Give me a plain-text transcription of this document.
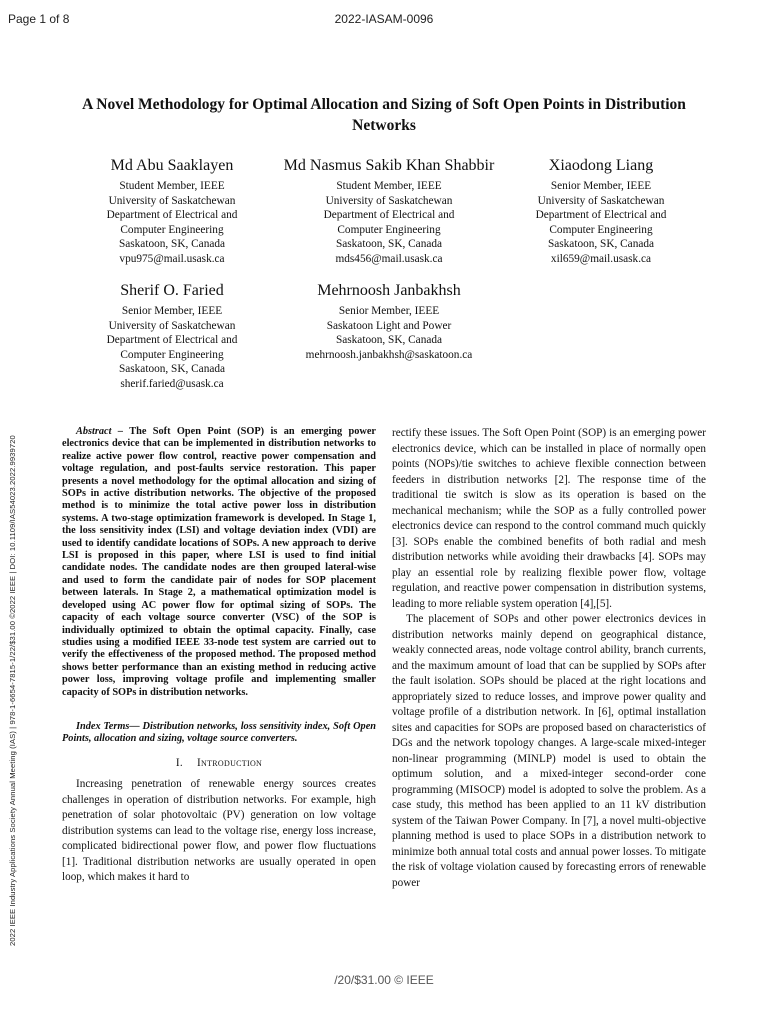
Page 1 of 8	2022-IASAM-0096
2022 IEEE Industry Applications Society Annual Meeting (IAS) | 978-1-6654-7815-1/22/$31.00 ©2022 IEEE | DOI: 10.1109/IAS54023.2022.9939720
A Novel Methodology for Optimal Allocation and Sizing of Soft Open Points in Distribution Networks
Md Abu Saaklayen
Student Member, IEEE
University of Saskatchewan
Department of Electrical and
Computer Engineering
Saskatoon, SK, Canada
vpu975@mail.usask.ca
Md Nasmus Sakib Khan Shabbir
Student Member, IEEE
University of Saskatchewan
Department of Electrical and
Computer Engineering
Saskatoon, SK, Canada
mds456@mail.usask.ca
Xiaodong Liang
Senior Member, IEEE
University of Saskatchewan
Department of Electrical and
Computer Engineering
Saskatoon, SK, Canada
xil659@mail.usask.ca
Sherif O. Faried
Senior Member, IEEE
University of Saskatchewan
Department of Electrical and
Computer Engineering
Saskatoon, SK, Canada
sherif.faried@usask.ca
Mehrnoosh Janbakhsh
Senior Member, IEEE
Saskatoon Light and Power
Saskatoon, SK, Canada
mehrnoosh.janbakhsh@saskatoon.ca

Abstract – The Soft Open Point (SOP) is an emerging power electronics device that can be implemented in distribution networks to realize active power flow control, reactive power compensation and voltage regulation, and post-faults service restoration. This paper presents a novel methodology for the optimal allocation and sizing of SOPs in active distribution networks. The objective of the proposed method is to minimize the total active power loss in distribution systems. A two-stage optimization framework is developed. In Stage 1, the loss sensitivity index (LSI) and voltage deviation index (VDI) are used to identify candidate locations of SOPs. A new approach to derive LSI is proposed in this paper, where LSI is used to find initial candidate nodes. The candidate nodes are then grouped lateral-wise and used to form the candidate pair of nodes for SOP placement between laterals. In Stage 2, a mathematical optimization model is developed using AC power flow for optimal sizing of SOPs. The capacity of each voltage source converter (VSC) of the SOP is individually optimized to obtain the optimal capacity. Finally, case studies using a modified IEEE 33-node test system are carried out to verify the effectiveness of the proposed method. The proposed method shows better performance than an existing method in reducing active power loss, improving voltage profile and implementing smaller capacity of SOPs in distribution networks.

Index Terms— Distribution networks, loss sensitivity index, Soft Open Points, allocation and sizing, voltage source converters.

I. Introduction

Increasing penetration of renewable energy sources creates challenges in operation of distribution networks. For example, high penetration of solar photovoltaic (PV) generation on low voltage distribution systems can lead to the voltage rise, energy loss increase, complicated bidirectional power flow, and power flow fluctuations [1]. Traditional distribution networks are usually operated in open loop, which makes it hard to

rectify these issues. The Soft Open Point (SOP) is an emerging power electronics device, which can be installed in place of normally open points (NOPs)/tie switches to achieve flexible connection between feeders in distribution networks [2]. The response time of the traditional tie switch is slow as its operation is based on the mechanical mechanism; while the SOP as a fully controlled power electronics device can respond to the control command much quickly [3]. SOPs enable the combined benefits of both radial and mesh distribution networks while avoiding their drawbacks [4]. SOPs may play an essential role by realizing flexible power flow, voltage regulation, and reactive power compensation in distribution systems, leading to more reliable system operation [4],[5].

The placement of SOPs and other power electronics devices in distribution networks mainly depend on geographical distance, weakly connected areas, node voltage control ability, branch currents, and the maximum amount of load that can be supplied by SOPs after the fault isolation. SOPs should be placed at the right locations and appropriately sized to reduce losses, and improve power quality and voltage profile of a distribution network. In [6], optimal installation sites and capacities for SOPs are proposed based on characteristics of DGs and the network topology changes. A large-scale mixed-integer non-linear programming (MINLP) model is used to obtain the optimum solution, and a mixed-integer second-order cone programming (MISOCP) model is adopted to solve the problem. As a case study, this method has been applied to an 11 kV distribution system of the Taiwan Power Company. In [7], a novel multi-objective planning method is used to place SOPs in a distribution network to minimize both annual total costs and annual power losses. To mitigate the risk of voltage violation caused by forecasting errors of renewable power

/20/$31.00 © IEEE
